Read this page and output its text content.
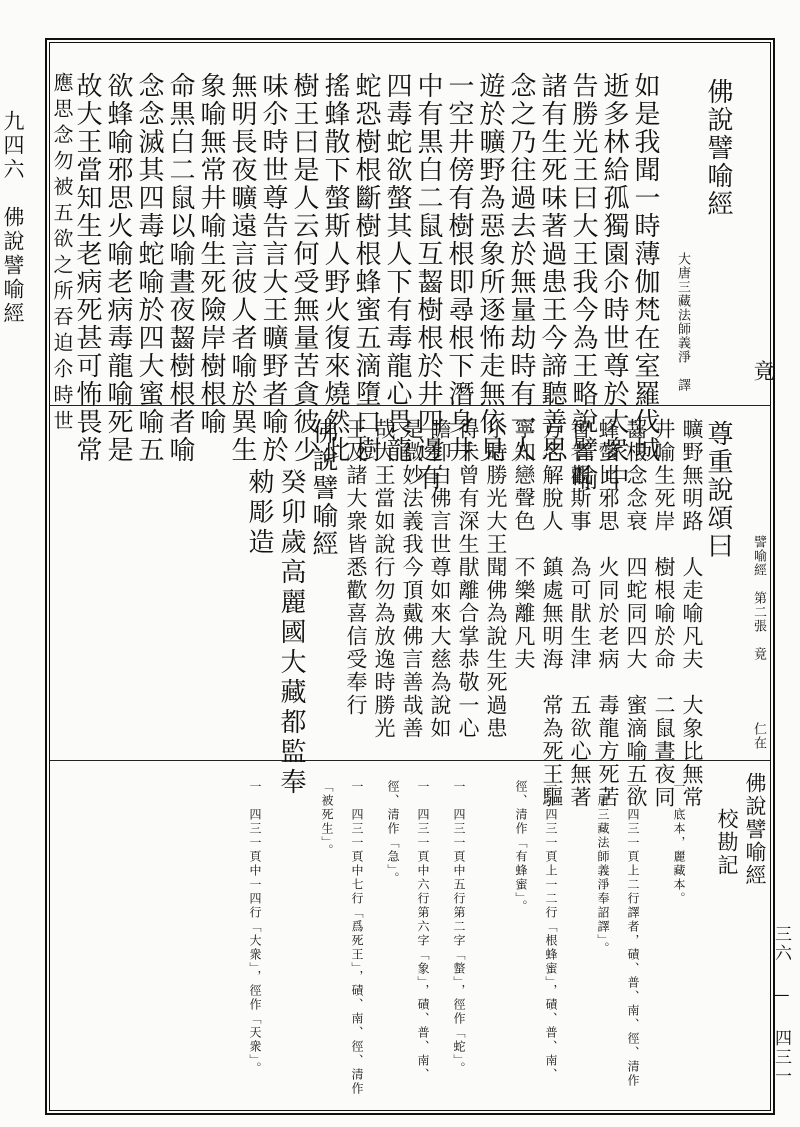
九四六　佛說譬喻經
三六 — 四三一
佛說譬喻經
大唐三藏法師義淨　譯	竟
如是我聞一時薄伽梵在室羅伐城
逝多林給孤獨園尒時世尊於大衆中
告勝光王曰大王我今為王略說譬喻
諸有生死味著過患王今諦聽善思
念之乃往過去於無量劫時有一人
遊於曠野為惡象所逐怖走無依見
一空井傍有樹根即尋根下潛身井
中有黒白二鼠互齧樹根於井四邊有
四毒蛇欲螫其人下有毒龍心畏龍
蛇恐樹根斷樹根蜂蜜五滴墮口樹
搖蜂散下螫斯人野火復來燒然此
樹王曰是人云何受無量苦貪彼少
味尒時世尊告言大王曠野者喻於
無明長夜曠遠言彼人者喻於異生
象喻無常井喻生死險岸樹根喻
命黒白二鼠以喻晝夜齧樹根者喻
念念滅其四毒蛇喻於四大蜜喻五
欲蜂喻邪思火喻老病毒龍喻死是
故大王當知生老病死甚可怖畏常
應思念勿被五欲之所吞迫尒時世
尊重說頌曰
譬喻經　第二張　竟
仁在
曠野無明路　人走喻凡夫　大象比無常
井喻生死岸　樹根喻於命　二鼠晝夜同
齧根念念衰　四蛇同四大　蜜滴喻五欲
蜂螫比邪思　火同於老病　毒龍方死苦
智者觀斯事　為可猒生津　五欲心無著
方名解脫人　鎮處無明海　常為死王驅
寧知戀聲色　不樂離凡夫
尒時勝光大王聞佛為說生死過患
得未曾有深生猒離合掌恭敬一心
瞻仰白佛言世尊如來大慈為說如
是微妙法義我今頂戴佛言善哉善
哉大王當如說行勿為放逸時勝光
王及諸大衆皆悉歡喜信受奉行
佛說譬喻經
癸卯歲高麗國大藏都監奉
勑彫造
佛說譬喻經
校勘記
一　底本，麗藏本。
一　四三一頁上二行譯者，磧、普、南、徑、清作「唐三藏法師義淨奉詔譯」。
一　四三一頁上一二行「根蜂蜜」，磧、普、南、徑、清作「有蜂蜜」。
一　四三一頁中五行第二字「螫」，徑作「蛇」。
一　四三一頁中六行第六字「象」，磧、普、南、徑、清作「急」。
一　四三一頁中七行「爲死王」，磧、南、徑、清作「被死生」。
一　四三一頁中一四行「大衆」，徑作「天衆」。
